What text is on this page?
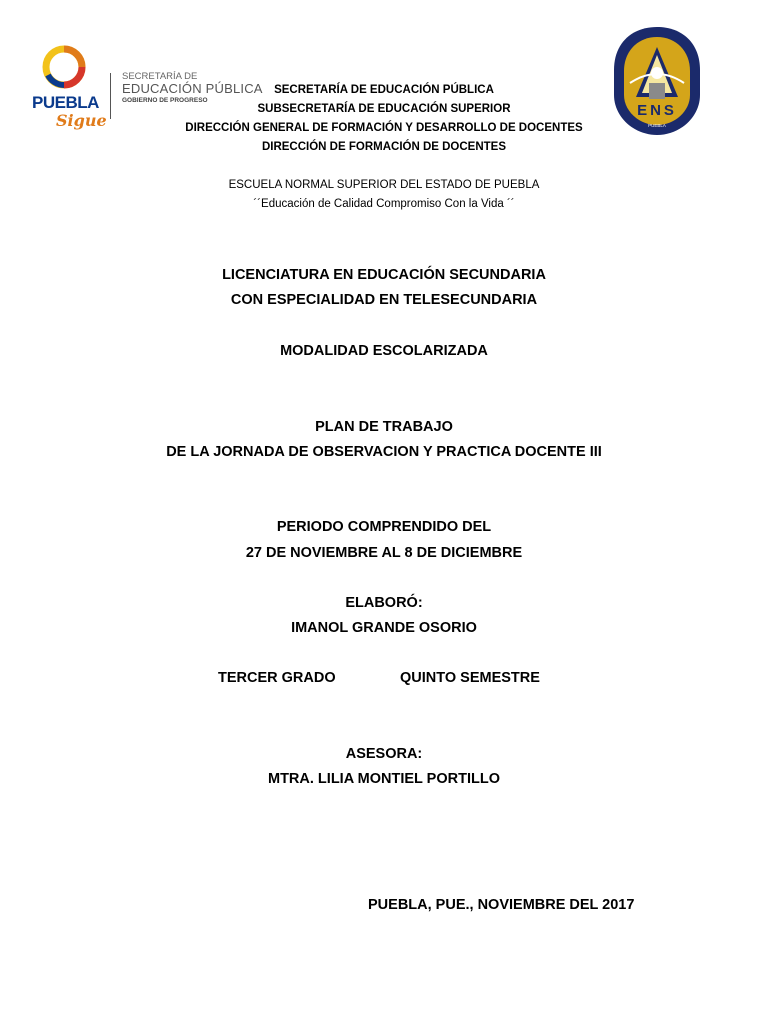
PUEBLA
Sigue
SECRETARÍA DE
EDUCACIÓN PÚBLICA
GOBIERNO DE PROGRESO
ENS
PUEBLA
SECRETARÍA DE EDUCACIÓN PÚBLICA
SUBSECRETARÍA DE EDUCACIÓN SUPERIOR
DIRECCIÓN GENERAL DE FORMACIÓN Y DESARROLLO DE DOCENTES
DIRECCIÓN DE FORMACIÓN DE DOCENTES
ESCUELA NORMAL SUPERIOR DEL ESTADO DE PUEBLA
´´Educación de Calidad Compromiso Con la Vida ´´
LICENCIATURA EN EDUCACIÓN SECUNDARIA
CON ESPECIALIDAD EN TELESECUNDARIA
MODALIDAD ESCOLARIZADA
PLAN DE TRABAJO
DE LA JORNADA DE OBSERVACION Y PRACTICA DOCENTE III
PERIODO COMPRENDIDO DEL
27 DE NOVIEMBRE AL 8 DE DICIEMBRE
ELABORÓ:
IMANOL GRANDE OSORIO
TERCER GRADO	QUINTO SEMESTRE
ASESORA:
MTRA. LILIA MONTIEL PORTILLO
PUEBLA, PUE., NOVIEMBRE DEL 2017
